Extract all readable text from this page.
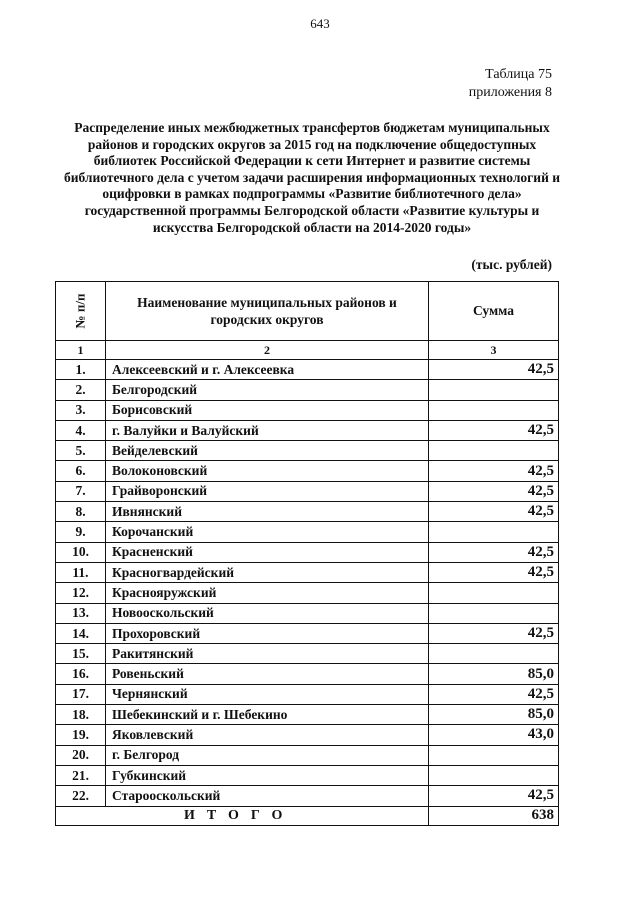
643
Таблица 75
приложения 8
Распределение иных межбюджетных трансфертов бюджетам муниципальных районов и городских округов за 2015 год на подключение общедоступных библиотек Российской Федерации к сети Интернет и развитие системы библиотечного дела с учетом задачи расширения информационных технологий и оцифровки в рамках подпрограммы «Развитие библиотечного дела» государственной программы Белгородской области «Развитие культуры и искусства Белгородской области на 2014-2020 годы»
(тыс. рублей)
№ п/п	Наименование муниципальных районов и городских округов	Сумма
1	2	3
1.	Алексеевский и г. Алексеевка	42,5
2.	Белгородский	
3.	Борисовский	
4.	г. Валуйки и Валуйский	42,5
5.	Вейделевский	
6.	Волоконовский	42,5
7.	Грайворонский	42,5
8.	Ивнянский	42,5
9.	Корочанский	
10.	Красненский	42,5
11.	Красногвардейский	42,5
12.	Краснояружский	
13.	Новооскольский	
14.	Прохоровский	42,5
15.	Ракитянский	
16.	Ровеньский	85,0
17.	Чернянский	42,5
18.	Шебекинский и г. Шебекино	85,0
19.	Яковлевский	43,0
20.	г. Белгород	
21.	Губкинский	
22.	Старооскольский	42,5
ИТОГО		638
